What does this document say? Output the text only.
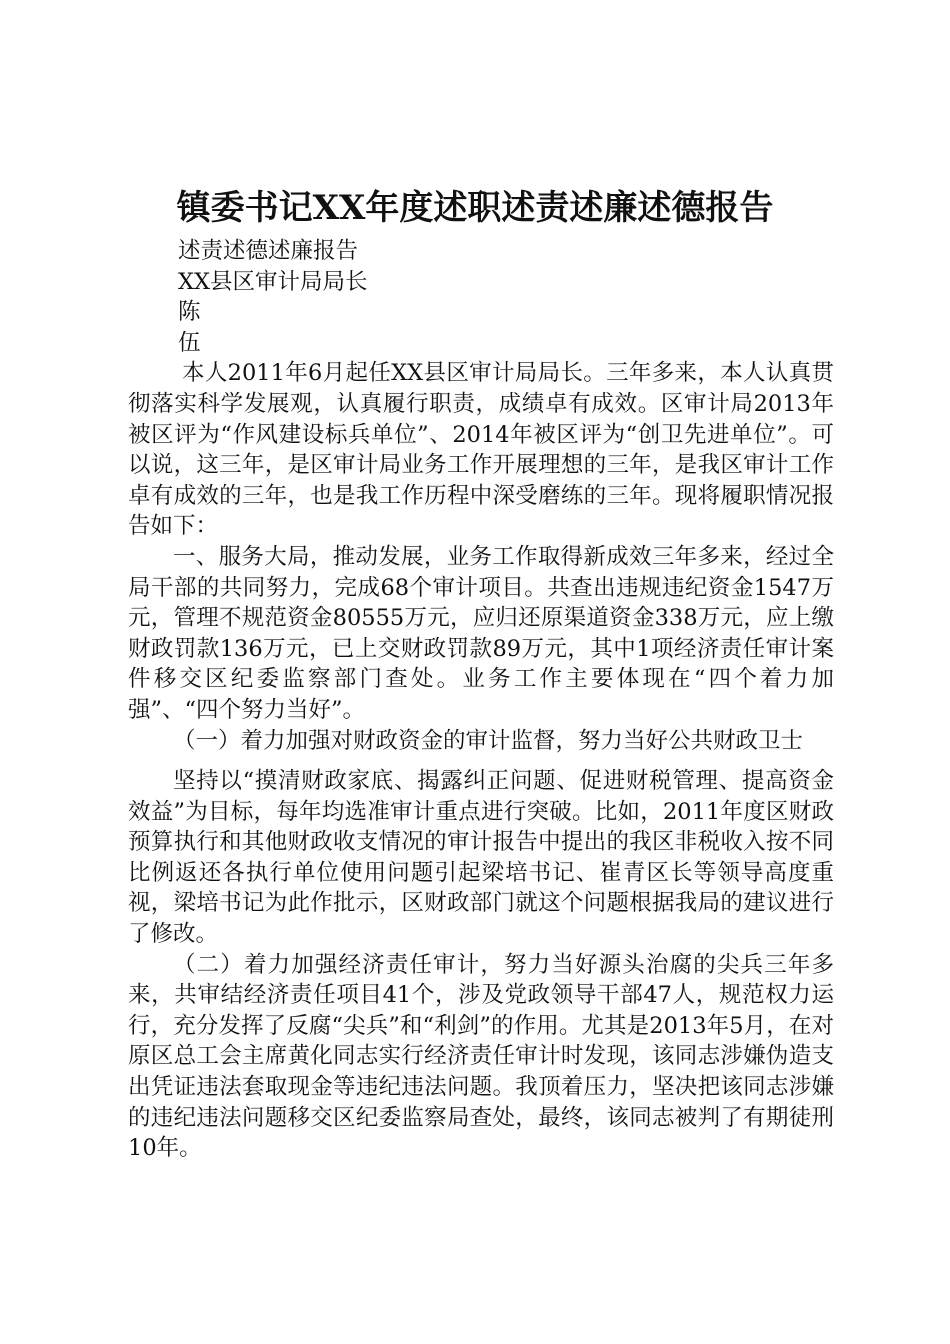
镇委书记XX年度述职述责述廉述德报告

述责述德述廉报告

XX县区审计局局长

陈

伍

本人2011年6月起任XX县区审计局局长。三年多来，本人认真贯彻落实科学发展观，认真履行职责，成绩卓有成效。区审计局2013年被区评为“作风建设标兵单位”、2014年被区评为“创卫先进单位”。可以说，这三年，是区审计局业务工作开展理想的三年，是我区审计工作卓有成效的三年，也是我工作历程中深受磨练的三年。现将履职情况报告如下：

一、服务大局，推动发展，业务工作取得新成效三年多来，经过全局干部的共同努力，完成68个审计项目。共查出违规违纪资金1547万元，管理不规范资金80555万元，应归还原渠道资金338万元，应上缴财政罚款136万元，已上交财政罚款89万元，其中1项经济责任审计案件移交区纪委监察部门查处。业务工作主要体现在“四个着力加强”、“四个努力当好”。

（一）着力加强对财政资金的审计监督，努力当好公共财政卫士

坚持以“摸清财政家底、揭露纠正问题、促进财税管理、提高资金效益”为目标，每年均选准审计重点进行突破。比如，2011年度区财政预算执行和其他财政收支情况的审计报告中提出的我区非税收入按不同比例返还各执行单位使用问题引起梁培书记、崔青区长等领导高度重视，梁培书记为此作批示，区财政部门就这个问题根据我局的建议进行了修改。

（二）着力加强经济责任审计，努力当好源头治腐的尖兵三年多来，共审结经济责任项目41个，涉及党政领导干部47人，规范权力运行，充分发挥了反腐“尖兵”和“利剑”的作用。尤其是2013年5月，在对原区总工会主席黄化同志实行经济责任审计时发现，该同志涉嫌伪造支出凭证违法套取现金等违纪违法问题。我顶着压力，坚决把该同志涉嫌的违纪违法问题移交区纪委监察局查处，最终，该同志被判了有期徒刑10年。
